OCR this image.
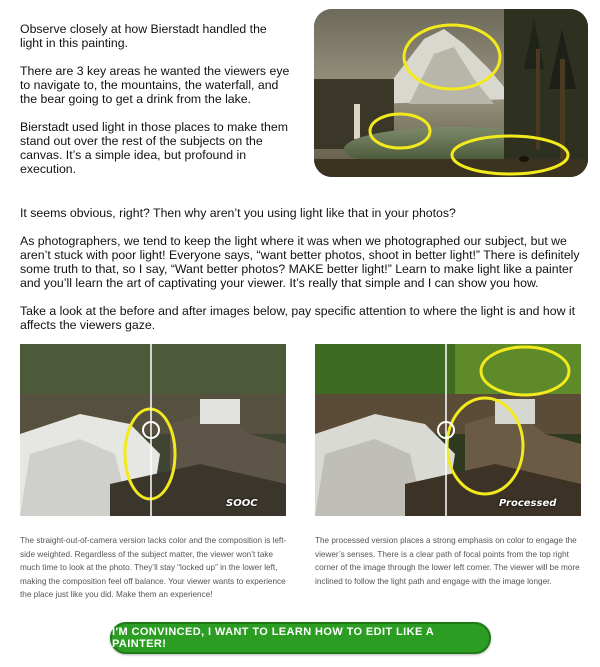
Observe closely at how Bierstadt handled the light in this painting.

There are 3 key areas he wanted the viewers eye to navigate to, the mountains, the waterfall, and the bear going to get a drink from the lake.

Bierstadt used light in those places to make them stand out over the rest of the subjects on the canvas. It’s a simple idea, but profound in execution.

It seems obvious, right? Then why aren’t you using light like that in your photos?

As photographers, we tend to keep the light where it was when we photographed our subject, but we aren’t stuck with poor light! Everyone says, “want better photos, shoot in better light!” There is definitely some truth to that, so I say, “Want better photos? MAKE better light!” Learn to make light like a painter and you’ll learn the art of captivating your viewer. It’s really that simple and I can show you how.

Take a look at the before and after images below, pay specific attention to where the light is and how it affects the viewers gaze.

SOOC	Processed

The straight-out-of-camera version lacks color and the composition is left-side weighted. Regardless of the subject matter, the viewer won’t take much time to look at the photo. They’ll stay “locked up” in the lower left, making the composition feel off balance. Your viewer wants to experience the place just like you did. Make them an experience!

The processed version places a strong emphasis on color to engage the viewer’s senses. There is a clear path of focal points from the top right corner of the image through the lower left corner. The viewer will be more inclined to follow the light path and engage with the image longer.

I'M CONVINCED, I WANT TO LEARN HOW TO EDIT LIKE A PAINTER!
